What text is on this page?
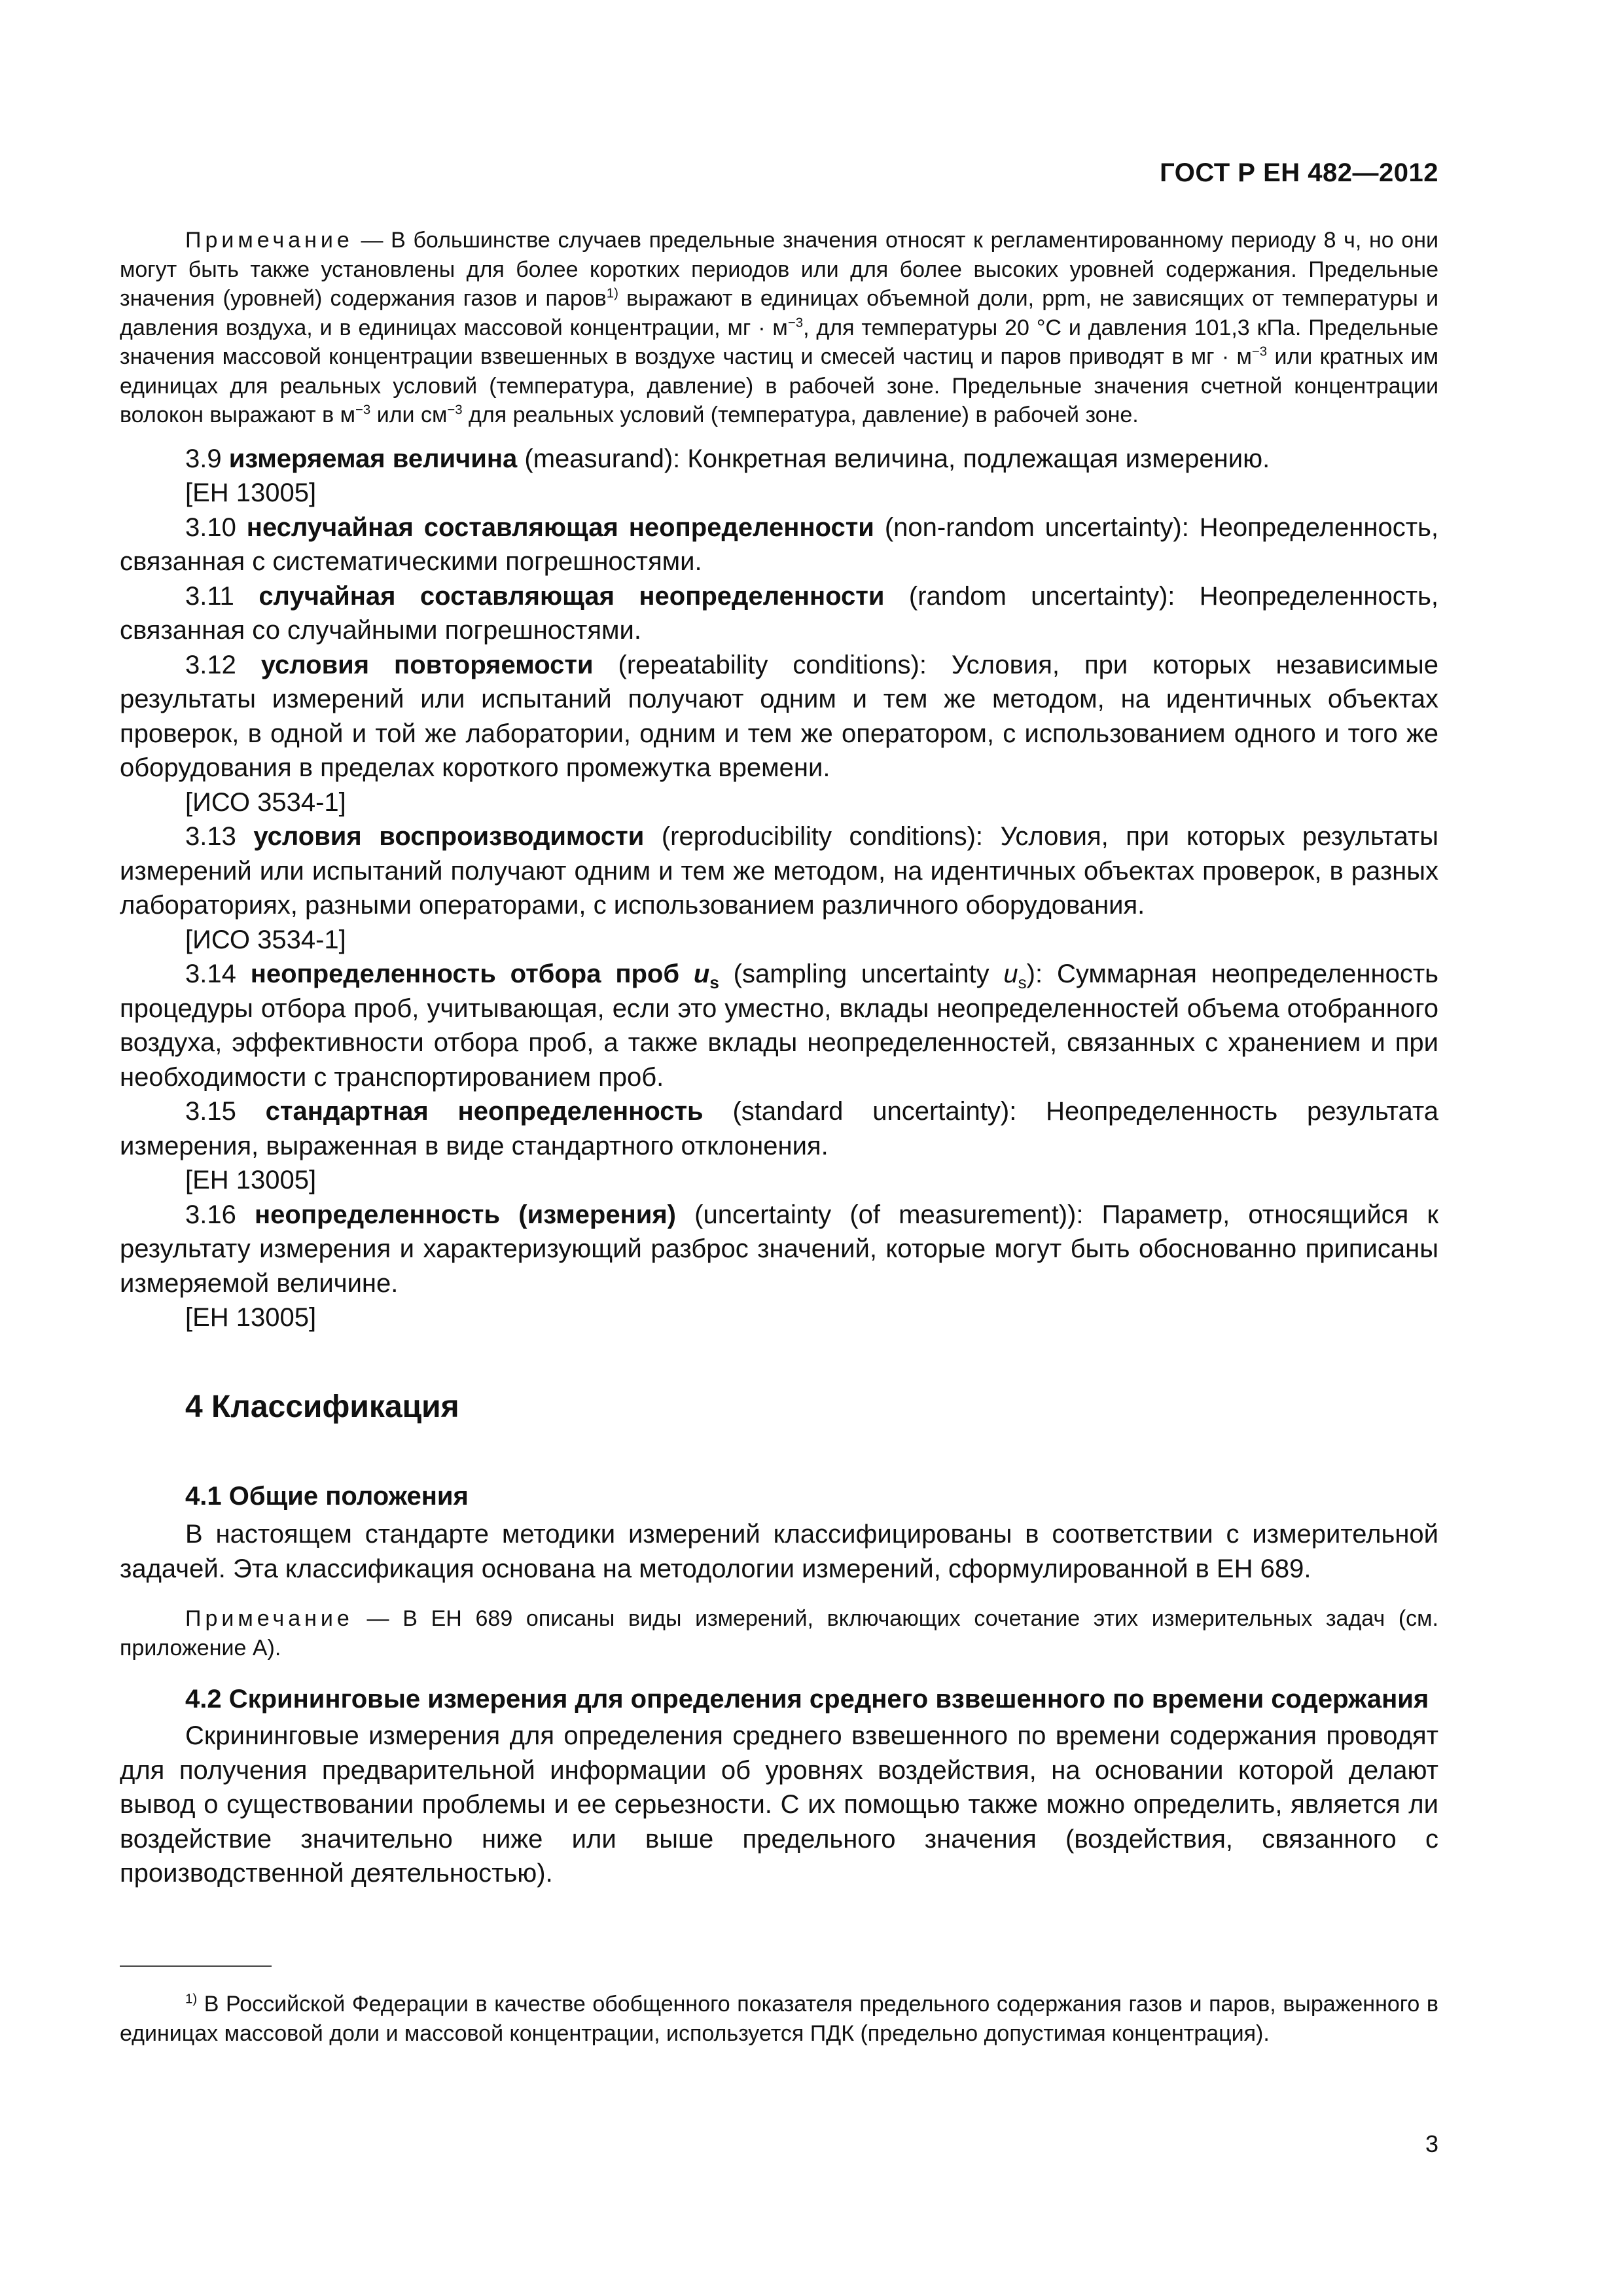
ГОСТ Р ЕН 482—2012

Примечание — В большинстве случаев предельные значения относят к регламентированному периоду 8 ч, но они могут быть также установлены для более коротких периодов или для более высоких уровней содержания. Предельные значения (уровней) содержания газов и паров$^{1)}$ выражают в единицах объемной доли, ppm, не зависящих от температуры и давления воздуха, и в единицах массовой концентрации, мг · $м^{-3}$, для температуры 20 °С и давления 101,3 кПа. Предельные значения массовой концентрации взвешенных в воздухе частиц и смесей частиц и паров приводят в мг · $м^{-3}$ или кратных им единицах для реальных условий (температура, давление) в рабочей зоне. Предельные значения счетной концентрации волокон выражают в $м^{-3}$ или $см^{-3}$ для реальных условий (температура, давление) в рабочей зоне.

3.9 измеряемая величина (measurand): Конкретная величина, подлежащая измерению.

[ЕН 13005]

3.10 неслучайная составляющая неопределенности (non-random uncertainty): Неопределенность, связанная с систематическими погрешностями.

3.11 случайная составляющая неопределенности (random uncertainty): Неопределенность, связанная со случайными погрешностями.

3.12 условия повторяемости (repeatability conditions): Условия, при которых независимые результаты измерений или испытаний получают одним и тем же методом, на идентичных объектах проверок, в одной и той же лаборатории, одним и тем же оператором, с использованием одного и того же оборудования в пределах короткого промежутка времени.

[ИСО 3534-1]

3.13 условия воспроизводимости (reproducibility conditions): Условия, при которых результаты измерений или испытаний получают одним и тем же методом, на идентичных объектах проверок, в разных лабораториях, разными операторами, с использованием различного оборудования.

[ИСО 3534-1]

3.14 неопределенность отбора проб $u_s$ (sampling uncertainty $u_s$): Суммарная неопределенность процедуры отбора проб, учитывающая, если это уместно, вклады неопределенностей объема отобранного воздуха, эффективности отбора проб, а также вклады неопределенностей, связанных с хранением и при необходимости с транспортированием проб.

3.15 стандартная неопределенность (standard uncertainty): Неопределенность результата измерения, выраженная в виде стандартного отклонения.

[ЕН 13005]

3.16 неопределенность (измерения) (uncertainty (of measurement)): Параметр, относящийся к результату измерения и характеризующий разброс значений, которые могут быть обоснованно приписаны измеряемой величине.

[ЕН 13005]

4 Классификация
4.1 Общие положения

В настоящем стандарте методики измерений классифицированы в соответствии с измерительной задачей. Эта классификация основана на методологии измерений, сформулированной в ЕН 689.

Примечание — В ЕН 689 описаны виды измерений, включающих сочетание этих измерительных задач (см. приложение А).

4.2 Скрининговые измерения для определения среднего взвешенного по времени содержания

Скрининговые измерения для определения среднего взвешенного по времени содержания проводят для получения предварительной информации об уровнях воздействия, на основании которой делают вывод о существовании проблемы и ее серьезности. С их помощью также можно определить, является ли воздействие значительно ниже или выше предельного значения (воздействия, связанного с производственной деятельностью).

$^{1)}$ В Российской Федерации в качестве обобщенного показателя предельного содержания газов и паров, выраженного в единицах массовой доли и массовой концентрации, используется ПДК (предельно допустимая концентрация).

3
